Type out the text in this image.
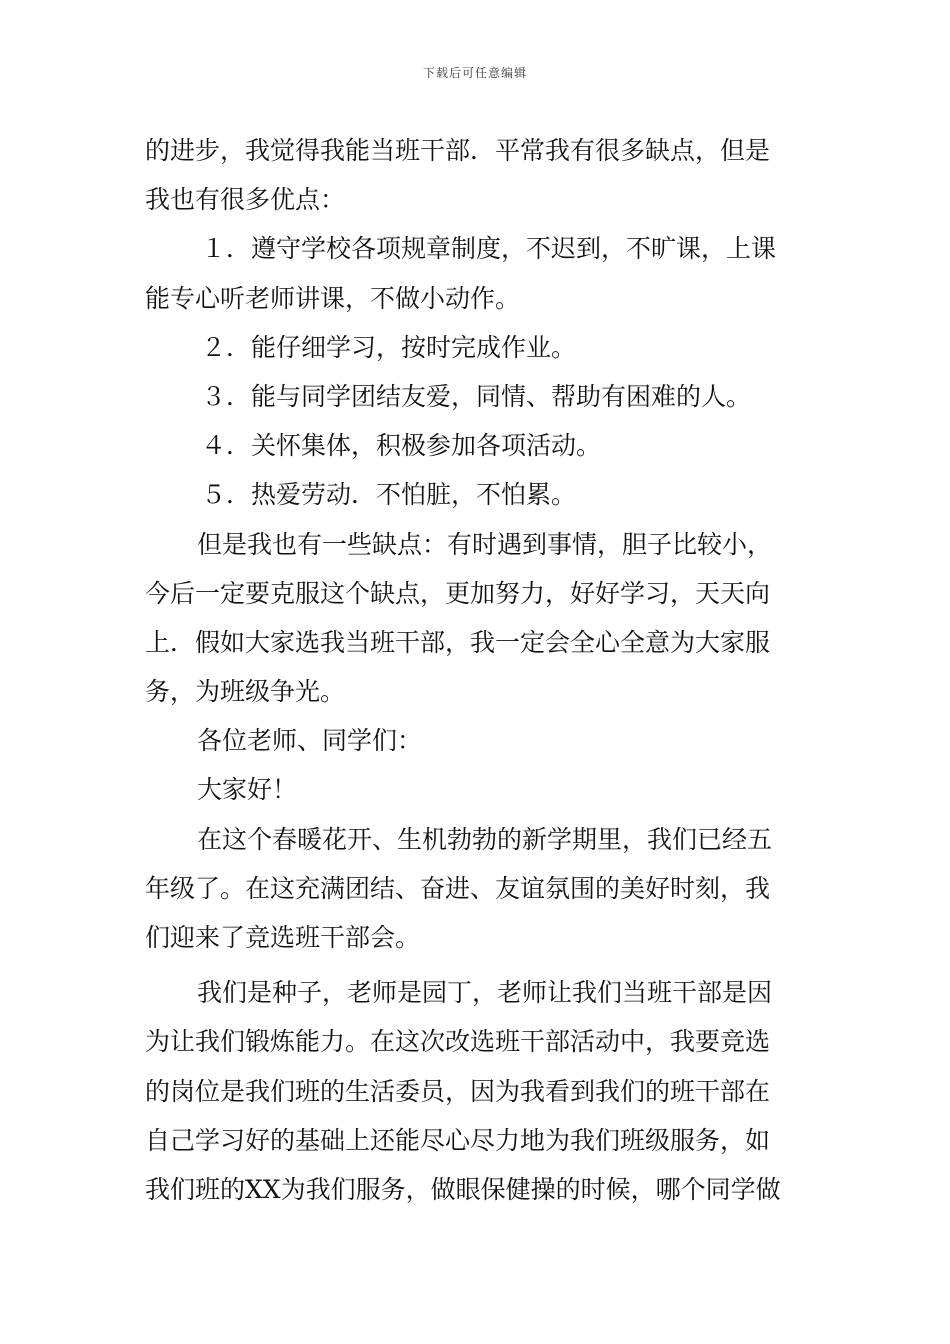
下载后可任意编辑
的进步，我觉得我能当班干部．平常我有很多缺点，但是
我也有很多优点：
１．遵守学校各项规章制度，不迟到，不旷课，上课
能专心听老师讲课，不做小动作。
２．能仔细学习，按时完成作业。
３．能与同学团结友爱，同情、帮助有困难的人。
４．关怀集体，积极参加各项活动。
５．热爱劳动．不怕脏，不怕累。
但是我也有一些缺点：有时遇到事情，胆子比较小，
今后一定要克服这个缺点，更加努力，好好学习，天天向
上．假如大家选我当班干部，我一定会全心全意为大家服
务，为班级争光。
各位老师、同学们：
大家好！
在这个春暖花开、生机勃勃的新学期里，我们已经五
年级了。在这充满团结、奋进、友谊氛围的美好时刻，我
们迎来了竞选班干部会。
我们是种子，老师是园丁，老师让我们当班干部是因
为让我们锻炼能力。在这次改选班干部活动中，我要竞选
的岗位是我们班的生活委员，因为我看到我们的班干部在
自己学习好的基础上还能尽心尽力地为我们班级服务，如
我们班的XX为我们服务，做眼保健操的时候，哪个同学做
